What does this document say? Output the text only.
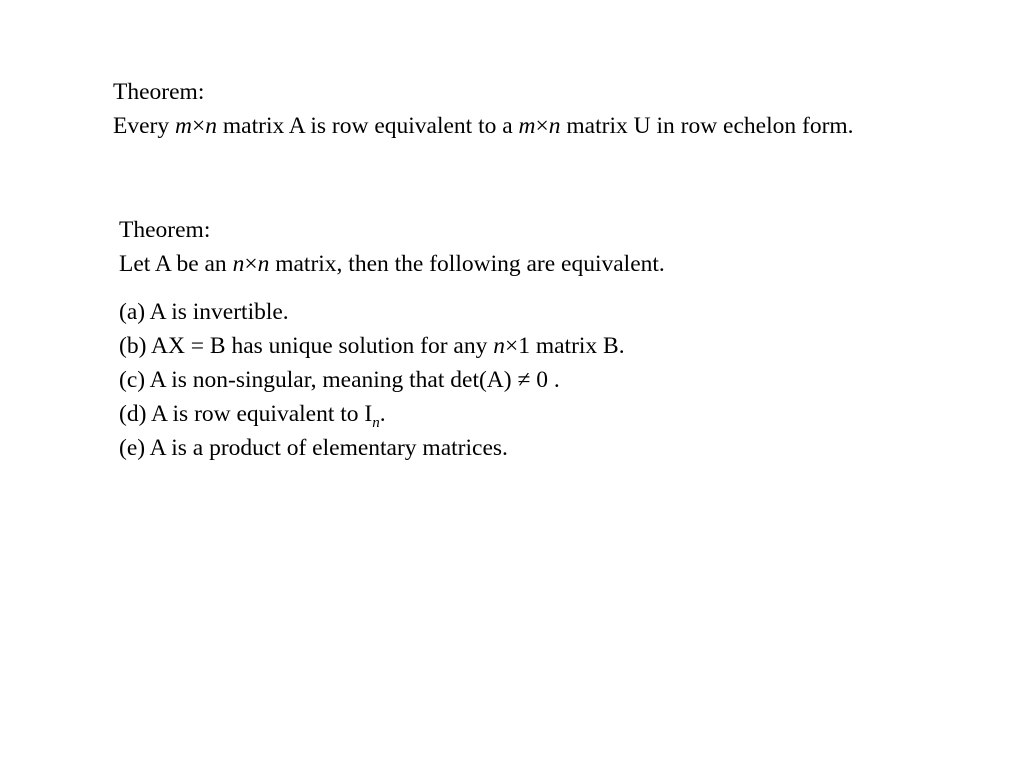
Theorem:
Every m×n matrix A is row equivalent to a m×n matrix U in row echelon form.
Theorem:
Let A be an n×n matrix, then the following are equivalent.
(a) A is invertible.
(b) AX = B has unique solution for any n×1 matrix B.
(c) A is non-singular, meaning that det(A) ≠ 0 .
(d) A is row equivalent to $I_n$.
(e) A is a product of elementary matrices.
